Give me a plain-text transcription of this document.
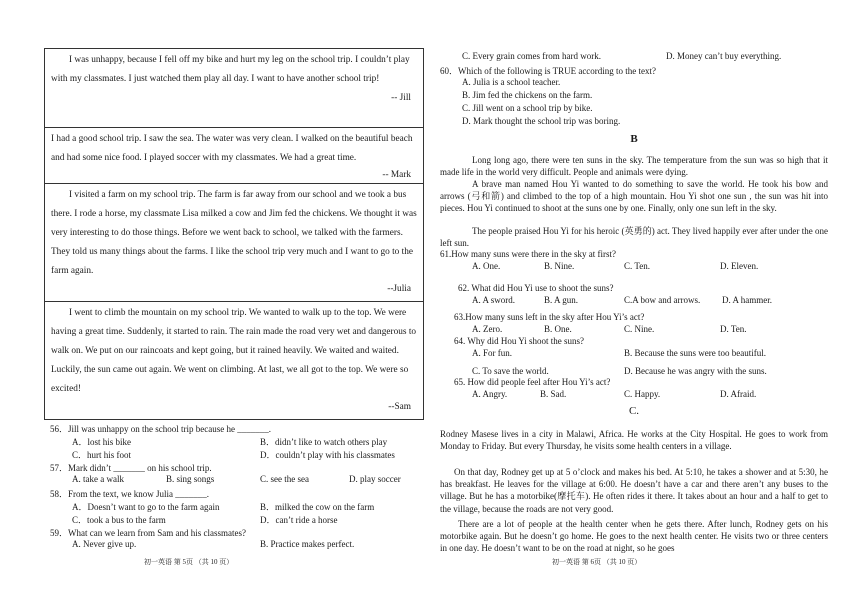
I was unhappy, because I fell off my bike and hurt my leg on the school trip. I couldn’t play with my classmates. I just watched them play all day. I want to have another school trip!

-- Jill

I had a good school trip. I saw the sea. The water was very clean. I walked on the beautiful beach and had some nice food. I played soccer with my classmates. We had a great time.

-- Mark

I visited a farm on my school trip. The farm is far away from our school and we took a bus there. I rode a horse, my classmate Lisa milked a cow and Jim fed the chickens. We thought it was very interesting to do those things. Before we went back to school, we talked with the farmers. They told us many things about the farms. I like the school trip very much and I want to go to the farm again.

--Julia

I went to climb the mountain on my school trip. We wanted to walk up to the top. We were having a great time. Suddenly, it started to rain. The rain made the road very wet and dangerous to walk on. We put on our raincoats and kept going, but it rained heavily. We waited and waited. Luckily, the sun came out again. We went on climbing. At last, we all got to the top. We were so excited!

--Sam

56．Jill was unhappy on the school trip because he _______.
A．lost his bike	B．didn’t like to watch others play
C．hurt his foot	D．couldn’t play with his classmates
57．Mark didn’t _______ on his school trip.
A. take a walk	B. sing songs	C. see the sea	D. play soccer
58．From the text, we know Julia _______.
A．Doesn’t want to go to the farm again	B．milked the cow on the farm
C．took a bus to the farm	D．can’t ride a horse
59．What can we learn from Sam and his classmates?
A. Never give up.	B. Practice makes perfect.
初一英语 第 5页 （共 10 页）
C. Every grain comes from hard work.	D. Money can’t buy everything.
60．Which of the following is TRUE according to the text?
A. Julia is a school teacher.
B. Jim fed the chickens on the farm.
C. Jill went on a school trip by bike.
D. Mark thought the school trip was boring.
B

Long long ago, there were ten suns in the sky. The temperature from the sun was so high that it made life in the world very difficult. People and animals were dying.

A brave man named Hou Yi wanted to do something to save the world. He took his bow and arrows (弓和箭) and climbed to the top of a high mountain. Hou Yi shot one sun , the sun was hit into pieces. Hou Yi continued to shoot at the suns one by one. Finally, only one sun left in the sky.

The people praised Hou Yi for his heroic (英勇的) act. They lived happily ever after under the one left sun.

61.How many suns were there in the sky at first?
A. One.	B. Nine.	C. Ten.	D. Eleven.
62. What did Hou Yi use to shoot the suns?
A. A sword.	B. A gun.	C.A bow and arrows. D. A hammer.
63.How many suns left in the sky after Hou Yi’s act?
A. Zero.	B. One.	C. Nine.	D. Ten.
64. Why did Hou Yi shoot the suns?
A. For fun.	B. Because the suns were too beautiful.
C. To save the world.	D. Because he was angry with the suns.
65. How did people feel after Hou Yi’s act?
A. Angry.	B. Sad.	C. Happy.	D. Afraid.
C.

Rodney Masese lives in a city in Malawi, Africa. He works at the City Hospital. He goes to work from Monday to Friday. But every Thursday, he visits some health centers in a village.

On that day, Rodney get up at 5 o’clock and makes his bed. At 5:10, he takes a shower and at 5:30, he has breakfast. He leaves for the village at 6:00. He doesn’t have a car and there aren’t any buses to the village. But he has a motorbike(摩托车). He often rides it there. It takes about an hour and a half to get to the village, because the roads are not very good.

There are a lot of people at the health center when he gets there. After lunch, Rodney gets on his motorbike again. But he doesn’t go home. He goes to the next health center. He visits two or three centers in one day. He doesn’t want to be on the road at night, so he goes

初一英语 第 6页 （共 10 页）
